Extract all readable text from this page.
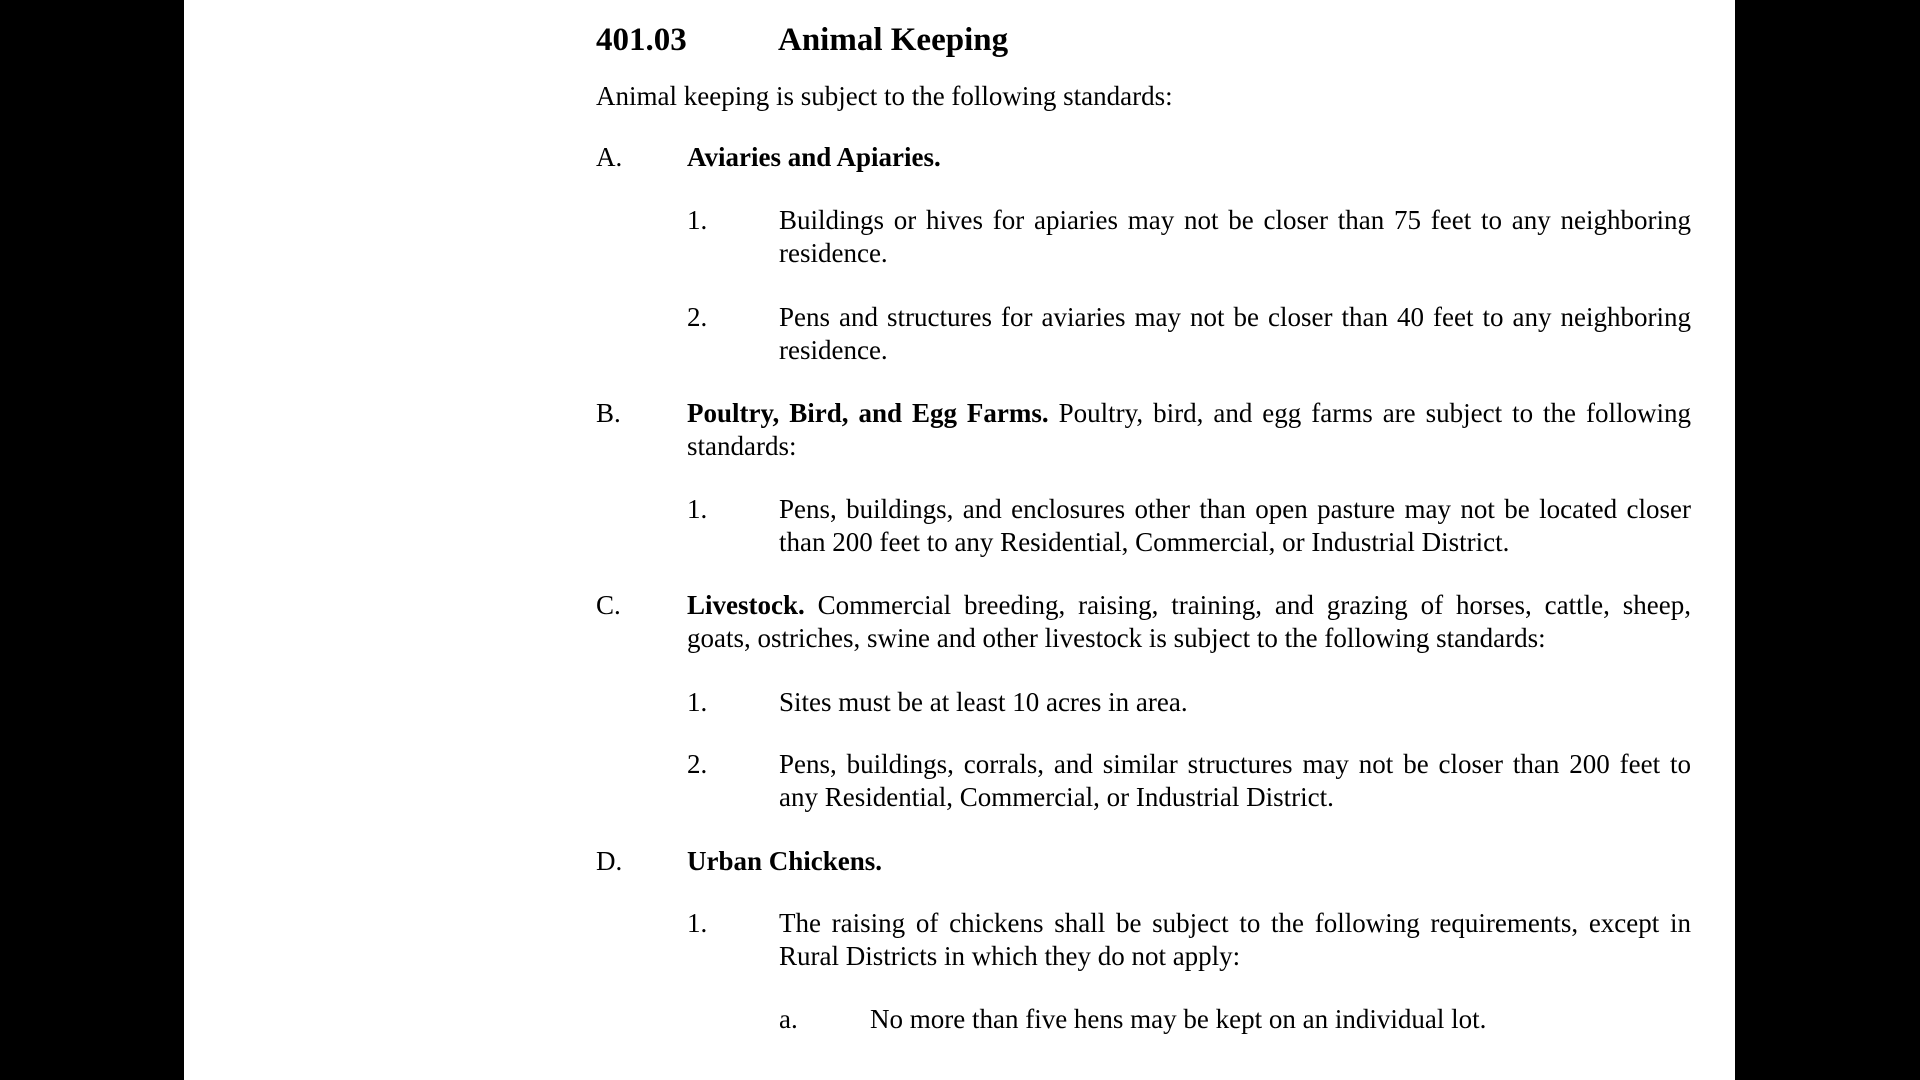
401.03	Animal Keeping
Animal keeping is subject to the following standards:
A. Aviaries and Apiaries.
1.	Buildings or hives for apiaries may not be closer than 75 feet to any neighboring residence.
2.	Pens and structures for aviaries may not be closer than 40 feet to any neighboring residence.
B. Poultry, Bird, and Egg Farms. Poultry, bird, and egg farms are subject to the following standards:
1.	Pens, buildings, and enclosures other than open pasture may not be located closer than 200 feet to any Residential, Commercial, or Industrial District.
C. Livestock. Commercial breeding, raising, training, and grazing of horses, cattle, sheep, goats, ostriches, swine and other livestock is subject to the following standards:
1.	Sites must be at least 10 acres in area.
2.	Pens, buildings, corrals, and similar structures may not be closer than 200 feet to any Residential, Commercial, or Industrial District.
D. Urban Chickens.
1.	The raising of chickens shall be subject to the following requirements, except in Rural Districts in which they do not apply:
a.	No more than five hens may be kept on an individual lot.
